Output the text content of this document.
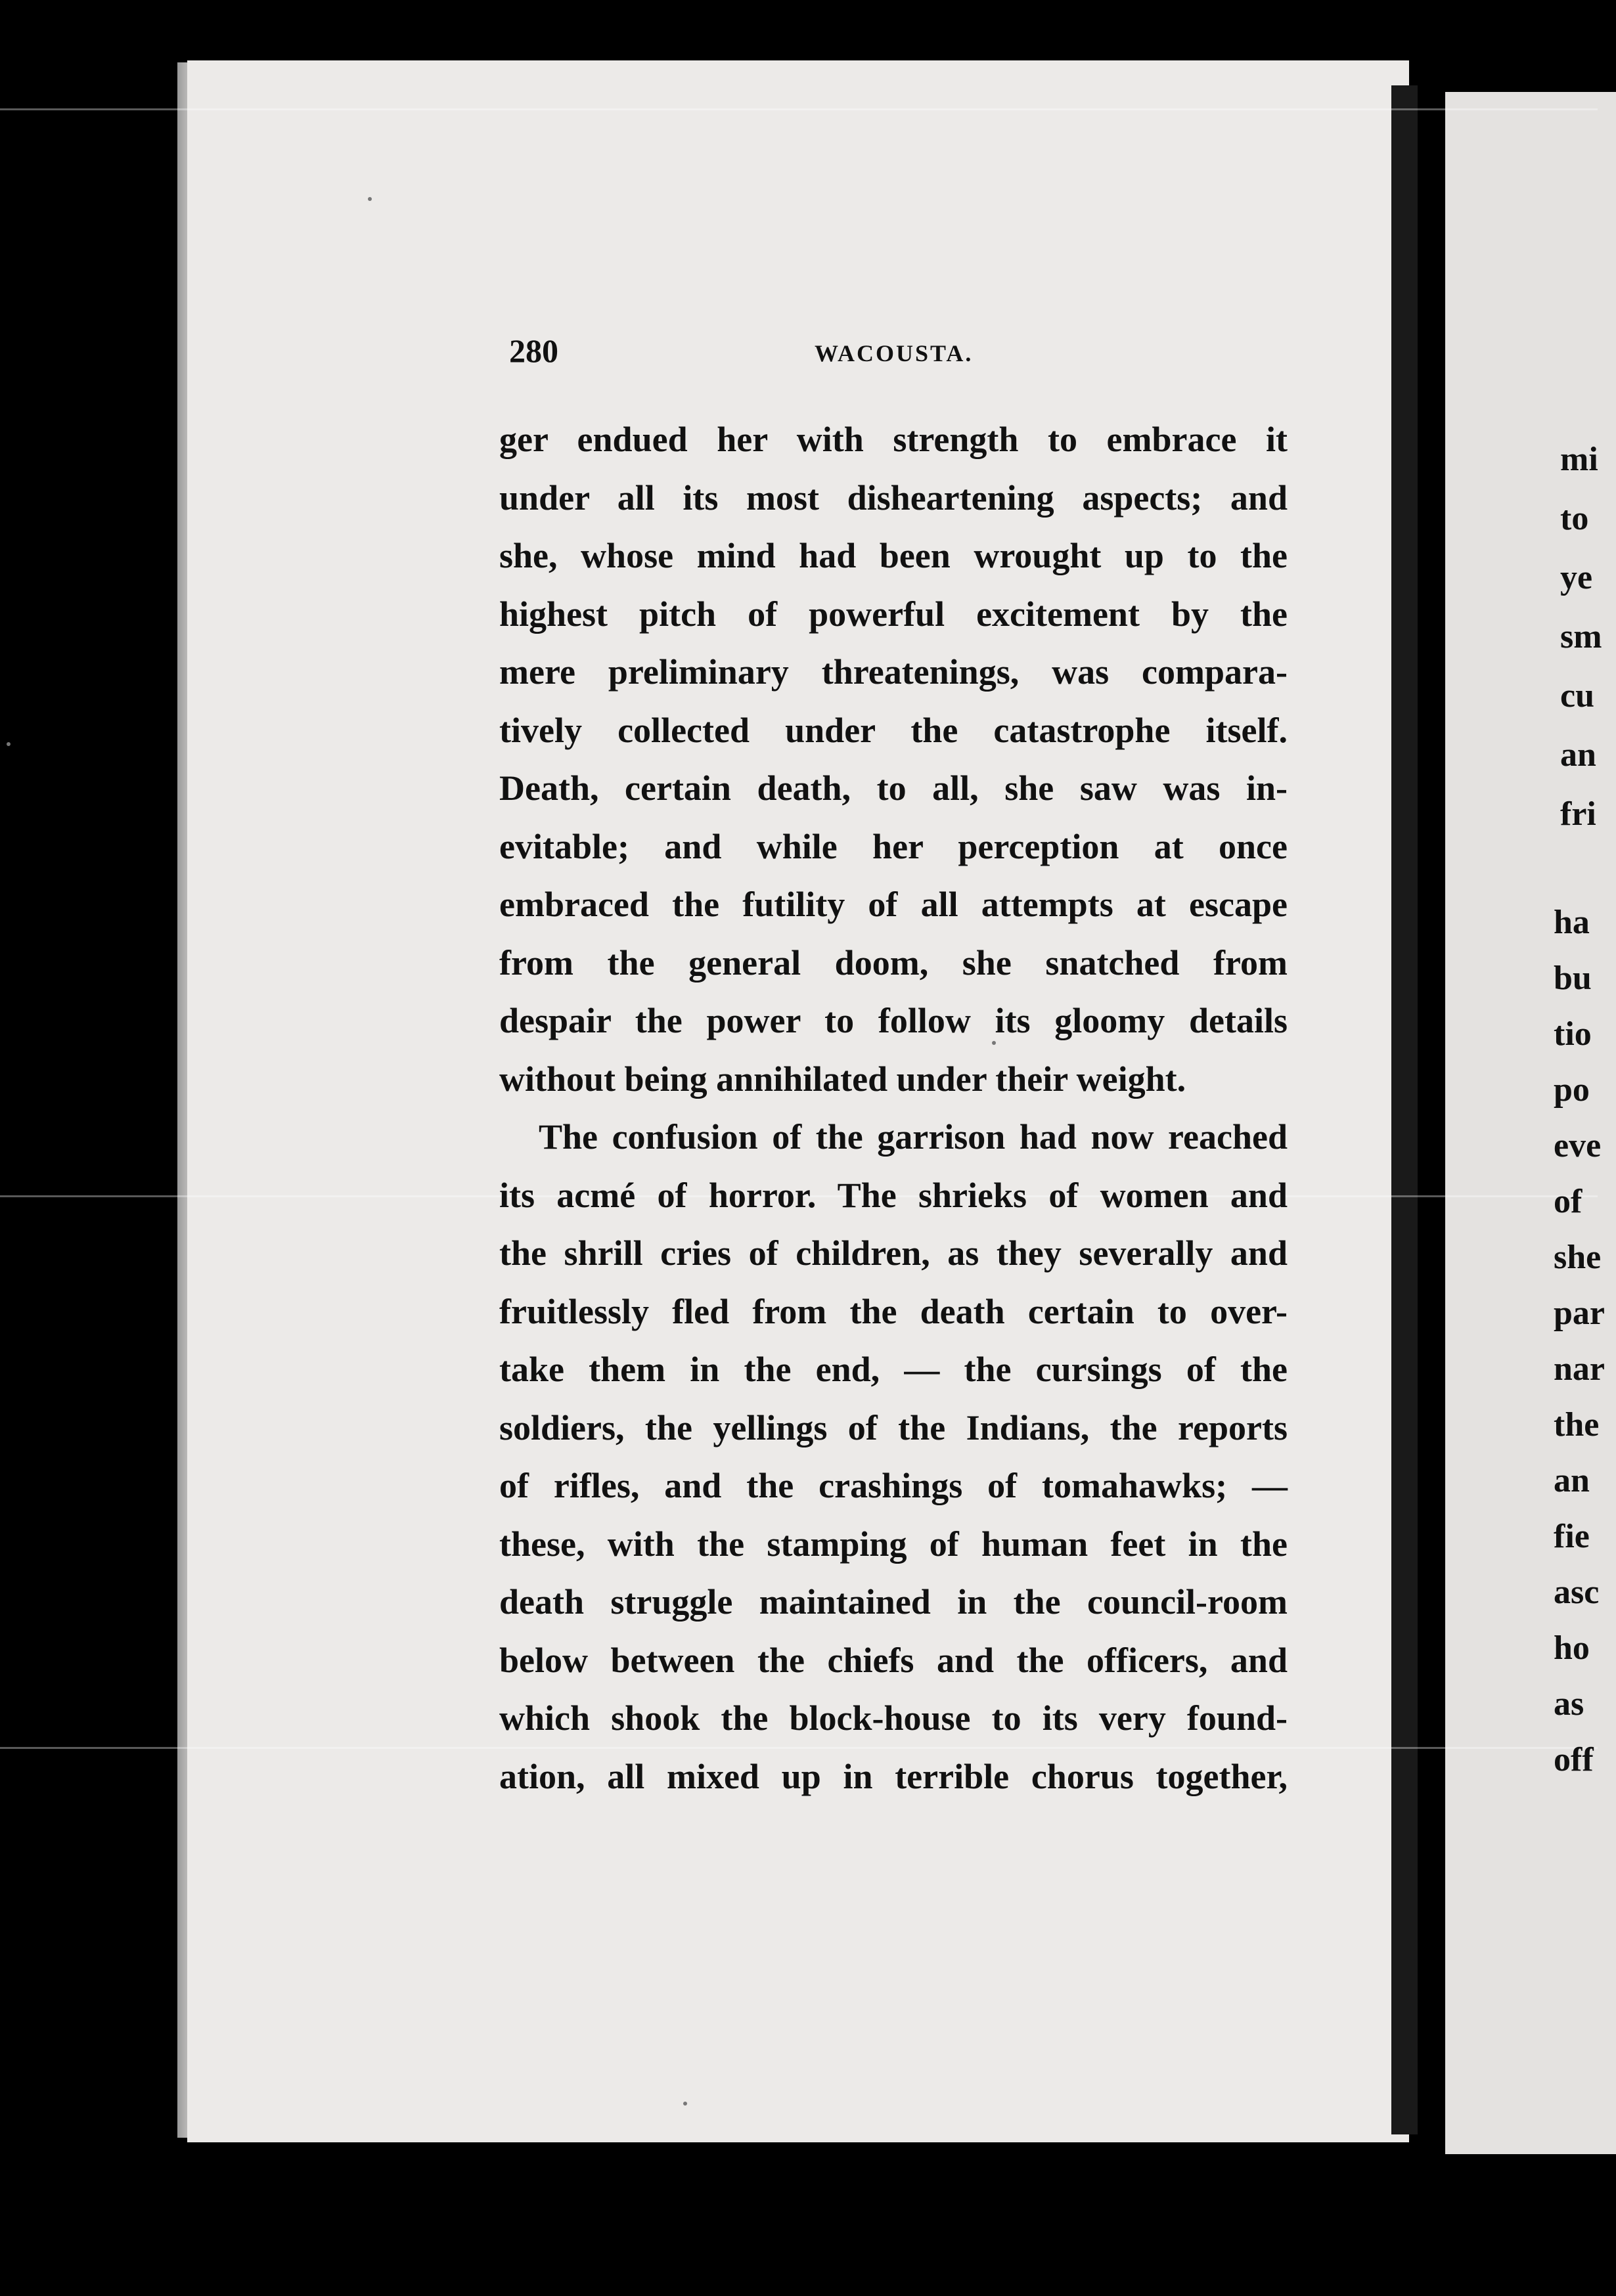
280	WACOUSTA.
ger endued her with strength to embrace it
under all its most disheartening aspects; and
she, whose mind had been wrought up to the
highest pitch of powerful excitement by the
mere preliminary threatenings, was compara-
tively collected under the catastrophe itself.
Death, certain death, to all, she saw was in-
evitable; and while her perception at once
embraced the futility of all attempts at escape
from the general doom, she snatched from
despair the power to follow its gloomy details
without being annihilated under their weight.
The confusion of the garrison had now reached
its acmé of horror. The shrieks of women and
the shrill cries of children, as they severally and
fruitlessly fled from the death certain to over-
take them in the end, — the cursings of the
soldiers, the yellings of the Indians, the reports
of rifles, and the crashings of tomahawks; —
these, with the stamping of human feet in the
death struggle maintained in the council-room
below between the chiefs and the officers, and
which shook the block-house to its very found-
ation, all mixed up in terrible chorus together,
mi
to
ye
sm
cu
an
fri
ha
bu
tio
po
eve
of
she
par
nar
the
an
fie
asc
ho
as
off
